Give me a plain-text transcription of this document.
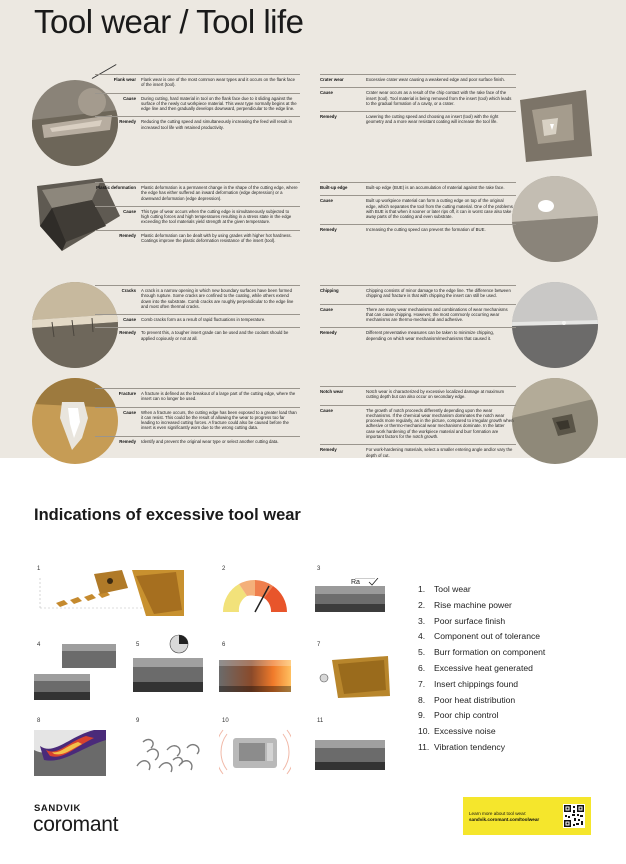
Tool wear / Tool life
Flank wear	Flank wear is one of the most common wear types and it occurs on the flank face of the insert (tool).
Cause	During cutting, hard material in tool on the flank face due to it sliding against the surface of the newly cut workpiece material. This wear type normally begins at the edge line and then gradually develops downward, perpendicular to the edge line.
Remedy	Reducing the cutting speed and simultaneously increasing the feed will result in increased tool life with retained productivity.
Plastic deformation	Plastic deformation is a permanent change in the shape of the cutting edge, where the edge has either suffered an inward deformation (edge depression) or a downward deformation (edge depression).
Cause	This type of wear occurs when the cutting edge is simultaneously subjected to high cutting forces and high temperatures resulting in a stress state in the edge exceeding the tool materials yield strength at the given temperature.
Remedy	Plastic deformation can be dealt with by using grades with higher hot hardness. Coatings improve the plastic deformation resistance of the insert (tool).
Cracks	A crack is a narrow opening in which new boundary surfaces have been formed through rupture. Some cracks are confined to the coating, while others extend down into the substrate. Comb cracks are roughly perpendicular to the edge line and most often thermal cracks.
Cause	Comb cracks form as a result of rapid fluctuations in temperature.
Remedy	To prevent this, a tougher insert grade can be used and the coolant should be applied copiously or not at all.
Fracture	A fracture is defined as the breakout of a large part of the cutting edge, where the insert can no longer be used.
Cause	When a fracture occurs, the cutting edge has been exposed to a greater load than it can resist. This could be the result of allowing the wear to progress too far leading to increased cutting forces. A fracture could also be caused before the insert is even significantly worn due to the wrong cutting data.
Remedy	Identify and prevent the original wear type or select another cutting data.
Crater wear	Excessive crater wear causing a weakened edge and poor surface finish.
Cause	Crater wear occurs as a result of the chip contact with the rake face of the insert (tool). Tool material is being removed from the insert (tool) which leads to the gradual formation of a cavity, or a crater.
Remedy	Lowering the cutting speed and choosing an insert (tool) with the right geometry and a more wear resistant coating will increase the tool life.
Built-up edge	Built-up edge (BUE) is an accumulation of material against the rake face.
Cause	Built up workpiece material can form a cutting edge on top of the original edge, which separates the tool from the cutting material. One of the problems with BUE is that when it sooner or later rips off, it can in worst case also take away parts of the coating and even substrate.
Remedy	Increasing the cutting speed can prevent the formation of BUE.
Chipping	Chipping consists of minor damage to the edge line. The difference between chipping and fracture is that with chipping the insert can still be used.
Cause	There are many wear mechanisms and combinations of wear mechanisms that can cause chipping. However, the most commonly occurring wear mechanisms are thermo-mechanical and adhesive.
Remedy	Different preventative measures can be taken to minimize chipping, depending on which wear mechanism/mechanisms that caused it.
Notch wear	Notch wear is characterized by excessive localized damage at maximum cutting depth but can also occur on secondary edge.
Cause	The growth of notch proceeds differently depending upon the wear mechanisms. If the chemical wear mechanism dominates the notch wear proceeds more regularly, as in the picture, compared to irregular growth when adhesive or thermo-mechanical wear mechanisms dominate. In the latter case work hardening of the workpiece material and burr formation are important factors for the notch growth.
Remedy	For work-hardening materials, select a smaller entering angle and/or vary the depth of cut.
Indications of excessive tool wear
1	2	3
4	5	6	7
8	9	10	11
Ra
1.	Tool wear
2.	Rise machine power
3.	Poor surface finish
4.	Component out of tolerance
5.	Burr formation on component
6.	Excessive heat generated
7.	Insert chippings found
8.	Poor heat distribution
9.	Poor chip control
10. Excessive noise
11. Vibration tendency
SANDVIK
coromant	Learn more about tool wear:
sandvik.coromant.com/toolwear
